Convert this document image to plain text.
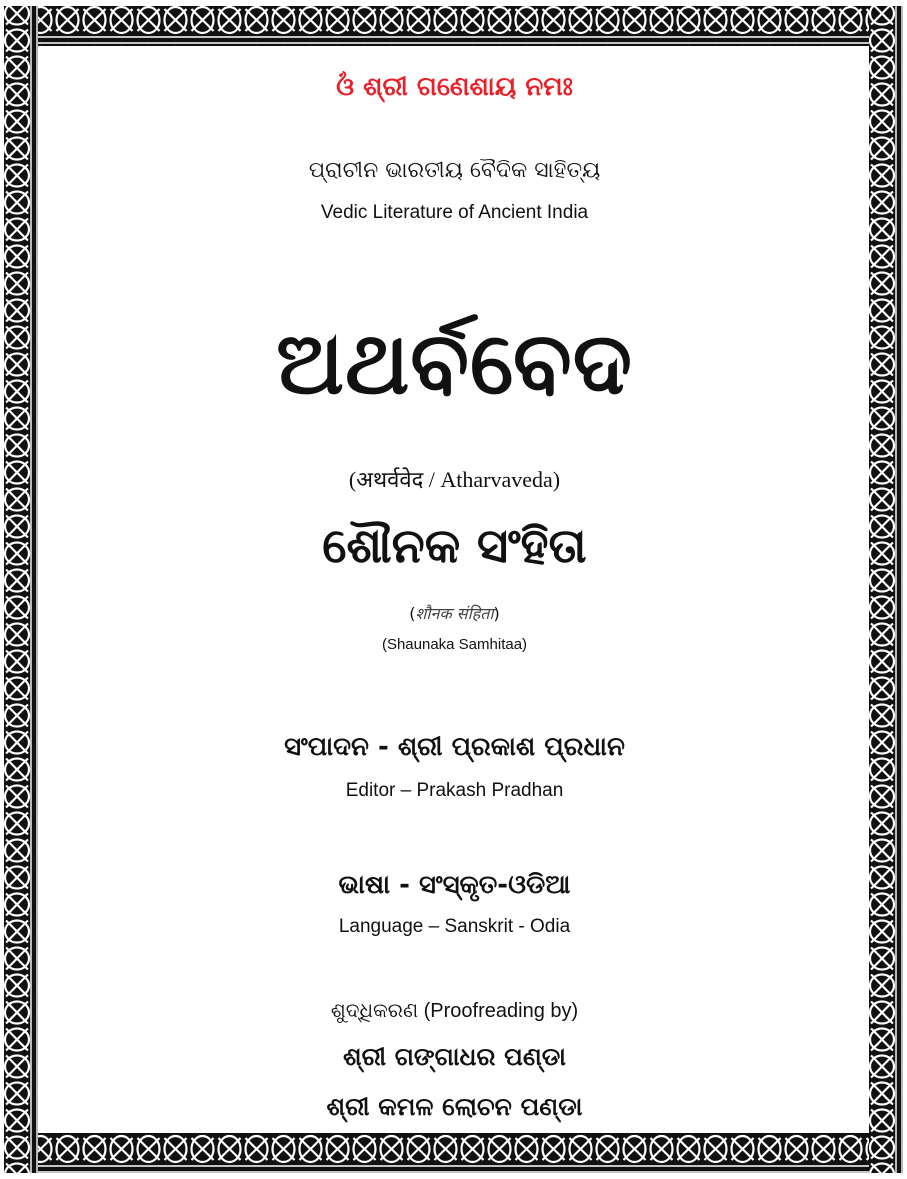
ଓଁ ଶ୍ରୀ ଗଣେଶାୟ ନମଃ
ପ୍ରାଚୀନ ଭାରତୀୟ ବୈଦିକ ସାହିତ୍ୟ
Vedic Literature of Ancient India
ଅଥର୍ବବେଦ
(अथर्ववेद / Atharvaveda)
ଶୌନକ ସଂହିତା
(शौनक संहिता)
(Shaunaka Samhitaa)
ସଂପାଦନ - ଶ୍ରୀ ପ୍ରକାଶ ପ୍ରଧାନ
Editor – Prakash Pradhan
ଭାଷା - ସଂସ୍କୃତ-ଓଡିଆ
Language – Sanskrit - Odia
ଶୁଦ୍ଧିକରଣ (Proofreading by)
ଶ୍ରୀ ଗଙ୍ଗାଧର ପଣ୍ଡା
ଶ୍ରୀ କମଳ ଲୋଚନ ପଣ୍ଡା
